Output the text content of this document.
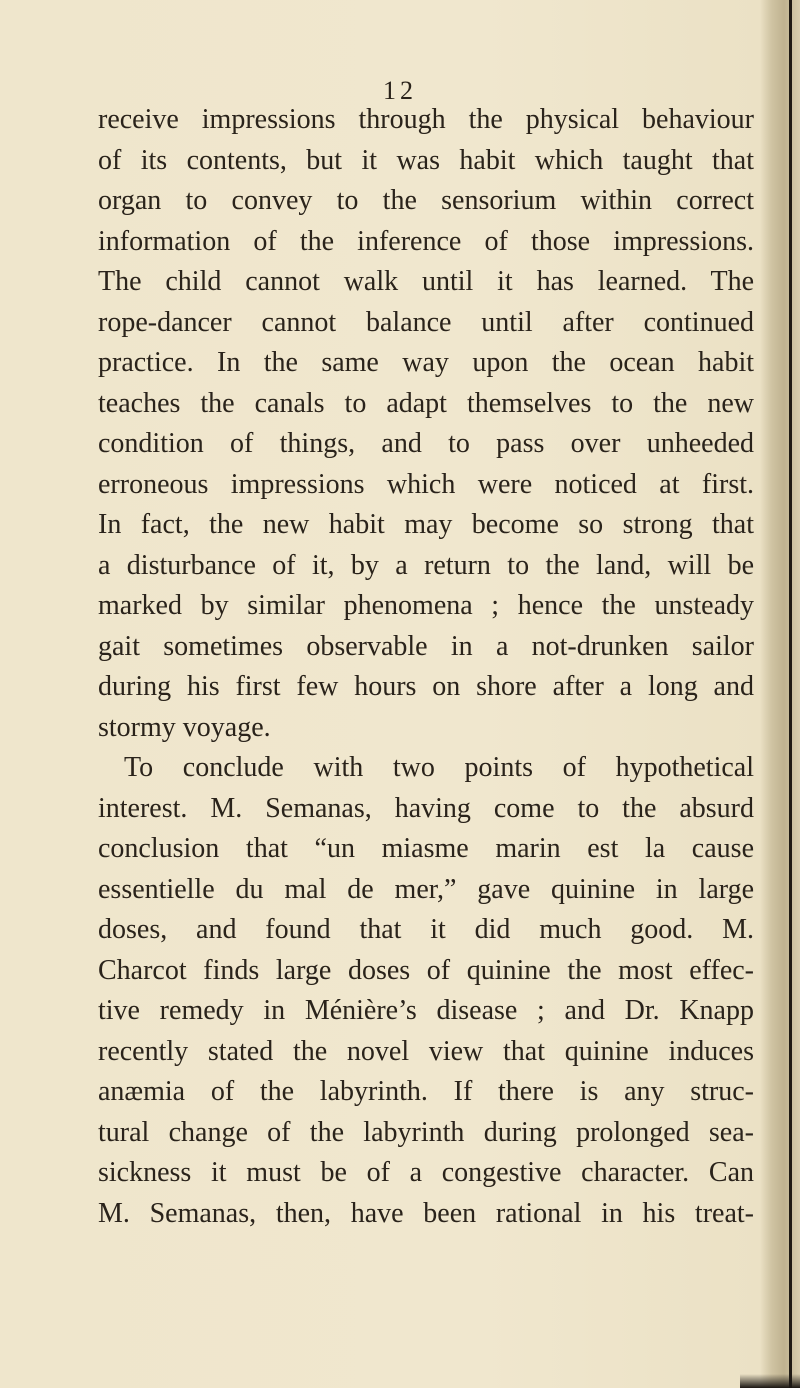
12
receive impressions through the physical behaviour
of its contents, but it was habit which taught that
organ to convey to the sensorium within correct
information of the inference of those impressions.
The child cannot walk until it has learned. The
rope-dancer cannot balance until after continued
practice. In the same way upon the ocean habit
teaches the canals to adapt themselves to the new
condition of things, and to pass over unheeded
erroneous impressions which were noticed at first.
In fact, the new habit may become so strong that
a disturbance of it, by a return to the land, will be
marked by similar phenomena ; hence the unsteady
gait sometimes observable in a not-drunken sailor
during his first few hours on shore after a long and
stormy voyage.
To conclude with two points of hypothetical
interest. M. Semanas, having come to the absurd
conclusion that “un miasme marin est la cause
essentielle du mal de mer,” gave quinine in large
doses, and found that it did much good. M.
Charcot finds large doses of quinine the most effec-
tive remedy in Ménière’s disease ; and Dr. Knapp
recently stated the novel view that quinine induces
anæmia of the labyrinth. If there is any struc-
tural change of the labyrinth during prolonged sea-
sickness it must be of a congestive character. Can
M. Semanas, then, have been rational in his treat-
